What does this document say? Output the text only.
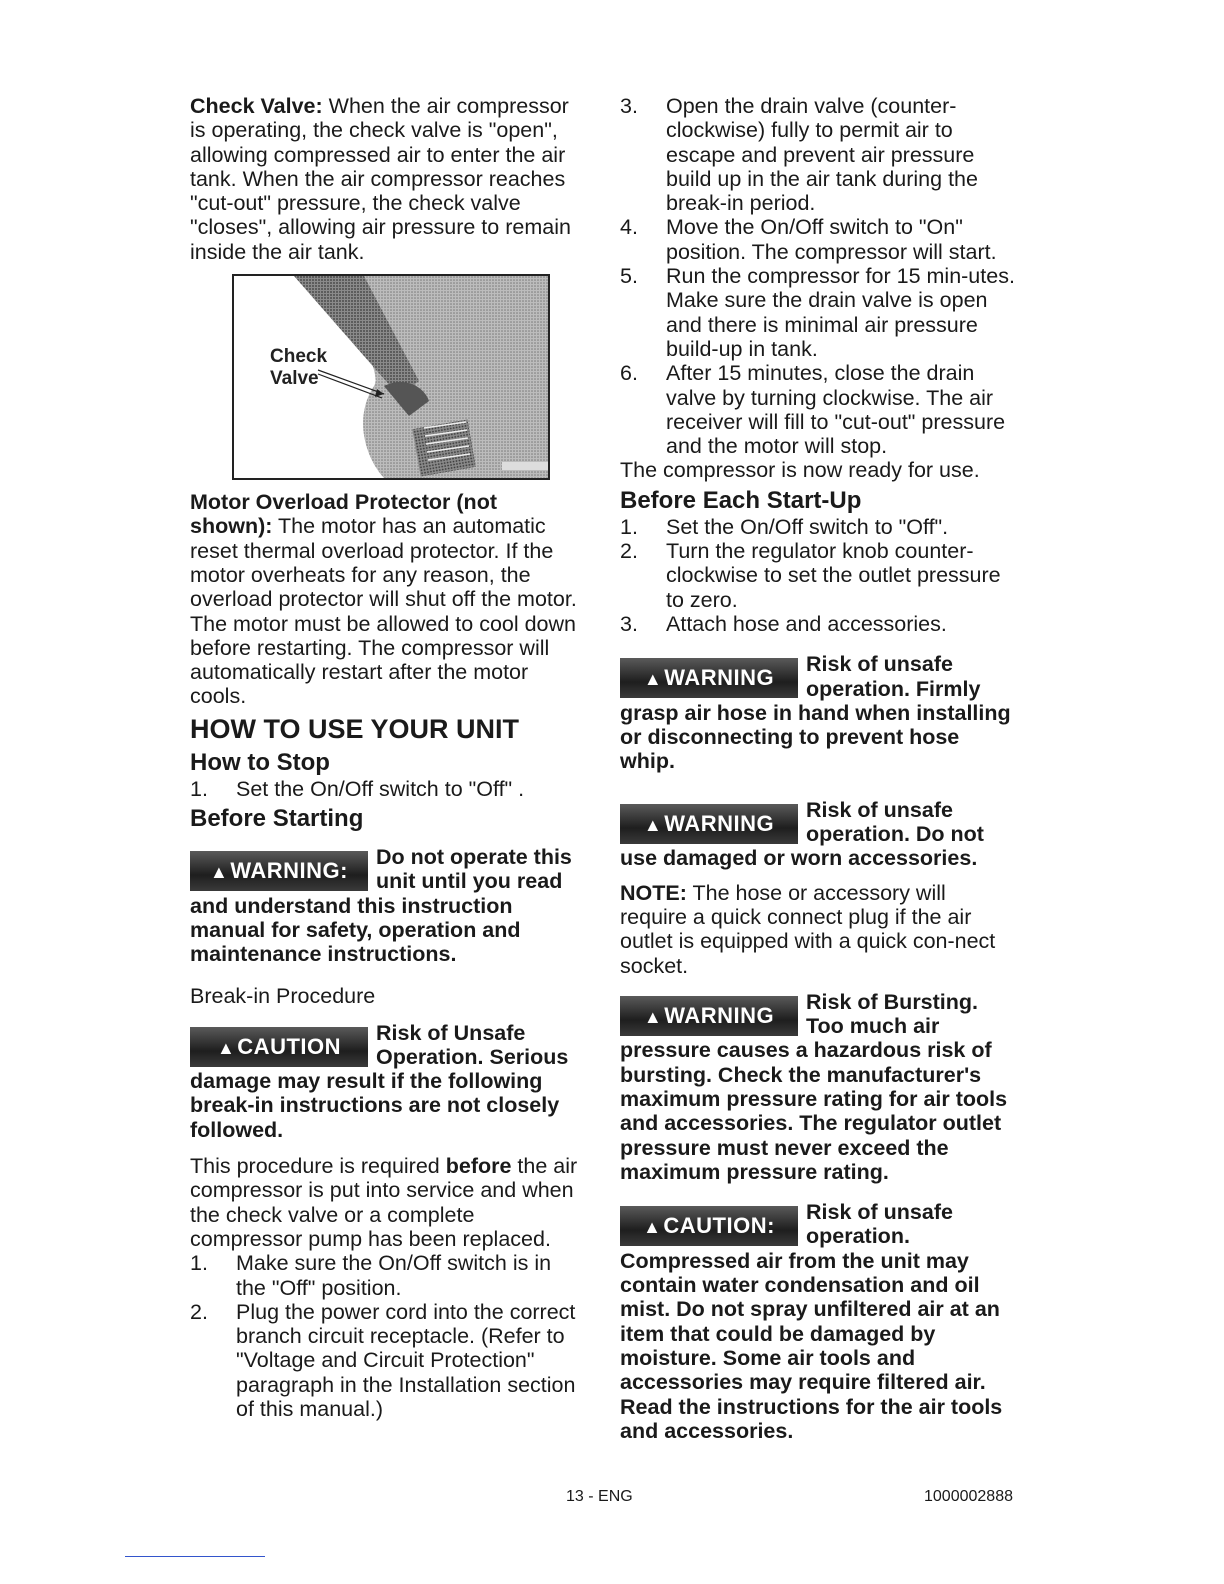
Check Valve: When the air compressor is operating, the check valve is "open", allowing compressed air to enter the air tank. When the air compressor reaches "cut-out" pressure, the check valve "closes", allowing air pressure to remain inside the air tank.

Check
Valve

Motor Overload Protector (not shown): The motor has an automatic reset thermal overload protector. If the motor overheats for any reason, the overload protector will shut off the motor. The motor must be allowed to cool down before restarting. The compressor will automatically restart after the motor cools.

HOW TO USE YOUR UNIT
How to Stop
1. Set the On/Off switch to "Off" .
Before Starting
▲WARNING:
Do not operate this unit until you read and understand this instruction manual for safety, operation and maintenance instructions.
Break-in Procedure
▲CAUTION
Risk of Unsafe Operation. Serious damage may result if the following break-in instructions are not closely followed.

This procedure is required before the air compressor is put into service and when the check valve or a complete compressor pump has been replaced.

1. Make sure the On/Off switch is in the "Off" position.
2. Plug the power cord into the correct branch circuit receptacle. (Refer to "Voltage and Circuit Protection" paragraph in the Installation section of this manual.)
3. Open the drain valve (counter-clockwise) fully to permit air to escape and prevent air pressure build up in the air tank during the break-in period.
4. Move the On/Off switch to "On" position. The compressor will start.
5. Run the compressor for 15 min-utes. Make sure the drain valve is open and there is minimal air pressure build-up in tank.
6. After 15 minutes, close the drain valve by turning clockwise. The air receiver will fill to "cut-out" pressure and the motor will stop.

The compressor is now ready for use.

Before Each Start-Up
1. Set the On/Off switch to "Off".
2. Turn the regulator knob counter-clockwise to set the outlet pressure to zero.
3. Attach hose and accessories.
▲WARNING
Risk of unsafe operation. Firmly grasp air hose in hand when installing or disconnecting to prevent hose whip.
▲WARNING
Risk of unsafe operation. Do not use damaged or worn accessories.

NOTE: The hose or accessory will require a quick connect plug if the air outlet is equipped with a quick con-nect socket.

▲WARNING
Risk of Bursting. Too much air pressure causes a hazardous risk of bursting. Check the manufacturer's maximum pressure rating for air tools and accessories. The regulator outlet pressure must never exceed the maximum pressure rating.
▲CAUTION:
Risk of unsafe operation. Compressed air from the unit may contain water condensation and oil mist. Do not spray unfiltered air at an item that could be damaged by moisture. Some air tools and accessories may require filtered air. Read the instructions for the air tools and accessories.
13 - ENG	1000002888
